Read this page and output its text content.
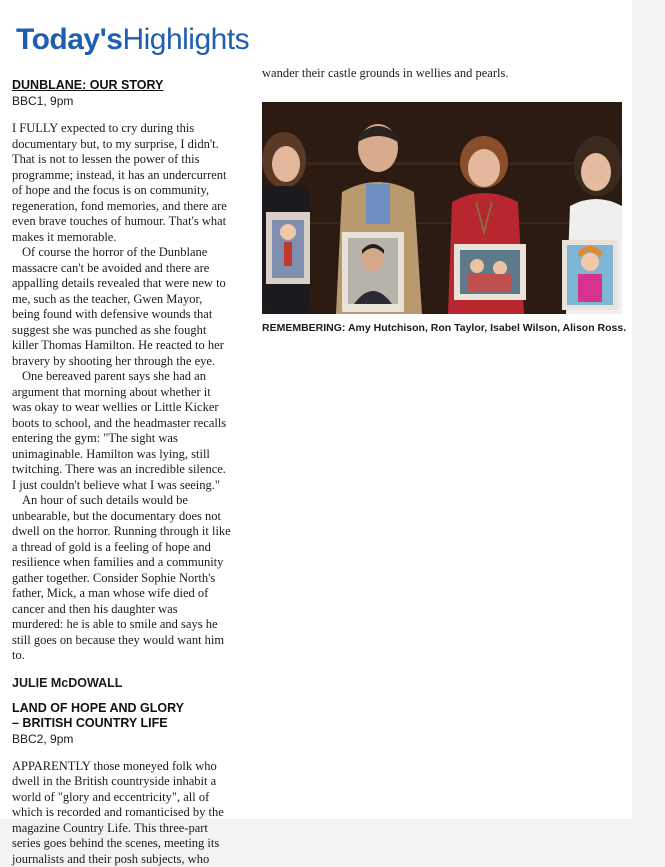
Today'sHighlights
DUNBLANE: OUR STORY
BBC1, 9pm

I FULLY expected to cry during this documentary but, to my surprise, I didn't. That is not to lessen the power of this programme; instead, it has an undercurrent of hope and the focus is on community, regeneration, fond memories, and there are even brave touches of humour. That's what makes it memorable.

Of course the horror of the Dunblane massacre can't be avoided and there are appalling details revealed that were new to me, such as the teacher, Gwen Mayor, being found with defensive wounds that suggest she was punched as she fought killer Thomas Hamilton. He reacted to her bravery by shooting her through the eye.

One bereaved parent says she had an argument that morning about whether it was okay to wear wellies or Little Kicker boots to school, and the headmaster recalls entering the gym: "The sight was unimaginable. Hamilton was lying, still twitching. There was an incredible silence. I just couldn't believe what I was seeing."

An hour of such details would be unbearable, but the documentary does not dwell on the horror. Running through it like a thread of gold is a feeling of hope and resilience when families and a community gather together. Consider Sophie North's father, Mick, a man whose wife died of cancer and then his daughter was murdered: he is able to smile and says he still goes on because they would want him to.

JULIE McDOWALL
LAND OF HOPE AND GLORY
– BRITISH COUNTRY LIFE
BBC2, 9pm

APPARENTLY those moneyed folk who dwell in the British countryside inhabit a world of "glory and eccentricity", all of which is recorded and romanticised by the magazine Country Life. This three-part series goes behind the scenes, meeting its journalists and their posh subjects, who

wander their castle grounds in wellies and pearls.

REMEMBERING: Amy Hutchison, Ron Taylor, Isabel Wilson, Alison Ross.
